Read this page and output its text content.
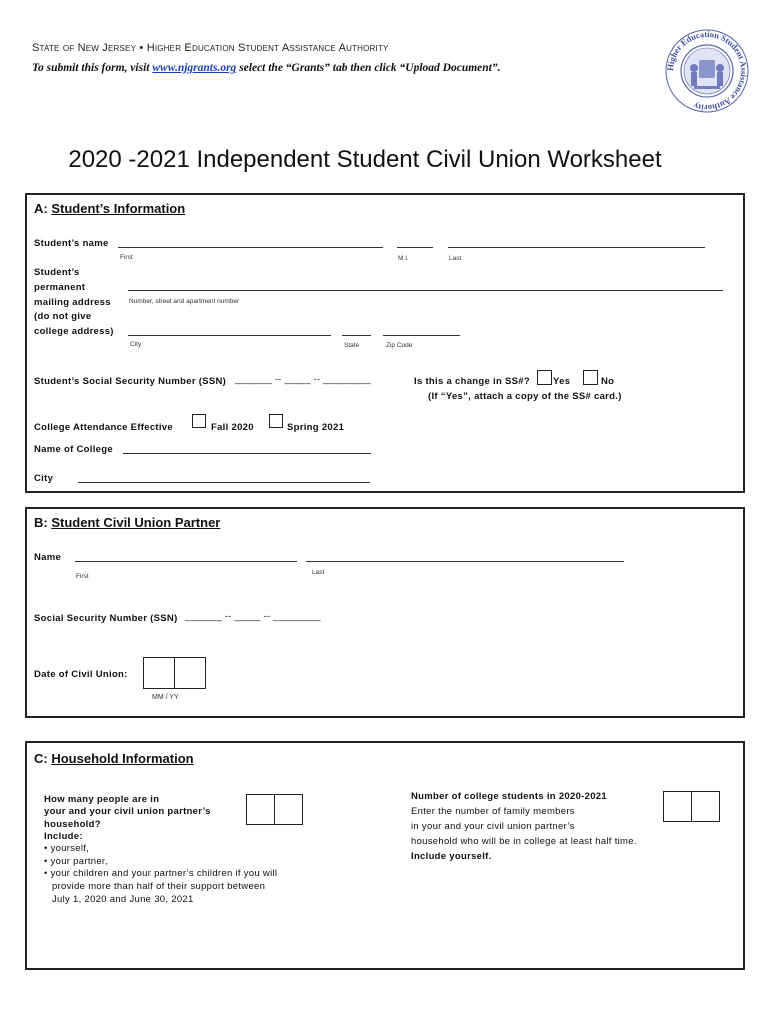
State of New Jersey • Higher Education Student Assistance Authority
To submit this form, visit www.njgrants.org select the “Grants” tab then click “Upload Document”.	Higher Education Student Assistance Authority
2020 -2021 Independent Student Civil Union Worksheet
A: Student’s Information
Student’s name
First	M.I.	Last
Student’s
permanent
mailing address
(do not give
college address)
Number, street and apartment number
City	State	Zip Code
Student’s Social Security Number (SSN) _______ -- _____ -- _________	Is this a change in SS#? Yes	No
(If “Yes”, attach a copy of the SS# card.)
College Attendance Effective	Fall 2020	Spring 2021
Name of College
City
B: Student Civil Union Partner
Name
First
Last
Social Security Number (SSN) _______ -- _____ -- _________
Date of Civil Union:
MM / YY
C: Household Information
How many people are in
your and your civil union partner’s
household?
Include:
• yourself,
• your partner,
• your children and your partner’s children if you will
provide more than half of their support between
July 1, 2020 and June 30, 2021
Number of college students in 2020-2021
Enter the number of family members
in your and your civil union partner’s
household who will be in college at least half time.
Include yourself.
